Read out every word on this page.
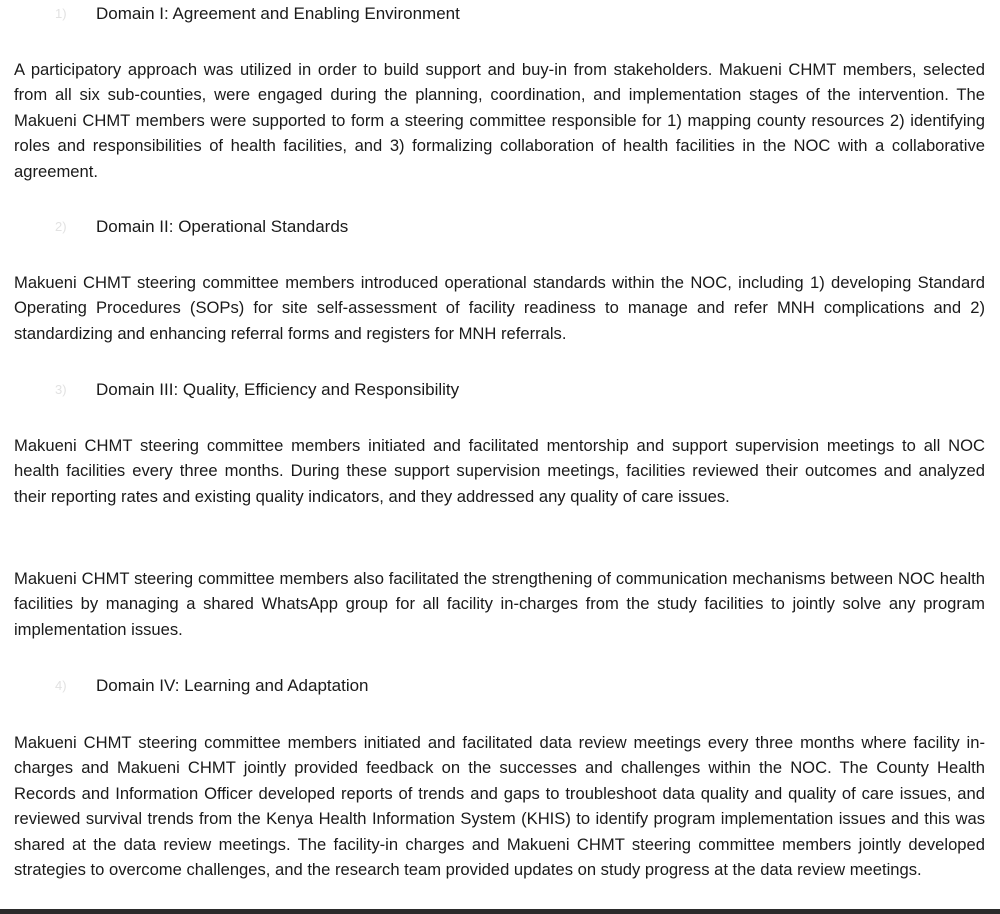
1)	Domain I: Agreement and Enabling Environment

A participatory approach was utilized in order to build support and buy-in from stakeholders. Makueni CHMT members, selected from all six sub-counties, were engaged during the planning, coordination, and implementation stages of the intervention. The Makueni CHMT members were supported to form a steering committee responsible for 1) mapping county resources 2) identifying roles and responsibilities of health facilities, and 3) formalizing collaboration of health facilities in the NOC with a collaborative agreement.

2)	Domain II: Operational Standards

Makueni CHMT steering committee members introduced operational standards within the NOC, including 1) developing Standard Operating Procedures (SOPs) for site self-assessment of facility readiness to manage and refer MNH complications and 2) standardizing and enhancing referral forms and registers for MNH referrals.

3)	Domain III: Quality, Efficiency and Responsibility

Makueni CHMT steering committee members initiated and facilitated mentorship and support supervision meetings to all NOC health facilities every three months. During these support supervision meetings, facilities reviewed their outcomes and analyzed their reporting rates and existing quality indicators, and they addressed any quality of care issues.

Makueni CHMT steering committee members also facilitated the strengthening of communication mechanisms between NOC health facilities by managing a shared WhatsApp group for all facility in-charges from the study facilities to jointly solve any program implementation issues.

4)	Domain IV: Learning and Adaptation

Makueni CHMT steering committee members initiated and facilitated data review meetings every three months where facility in-charges and Makueni CHMT jointly provided feedback on the successes and challenges within the NOC. The County Health Records and Information Officer developed reports of trends and gaps to troubleshoot data quality and quality of care issues, and reviewed survival trends from the Kenya Health Information System (KHIS) to identify program implementation issues and this was shared at the data review meetings. The facility-in charges and Makueni CHMT steering committee members jointly developed strategies to overcome challenges, and the research team provided updates on study progress at the data review meetings.
